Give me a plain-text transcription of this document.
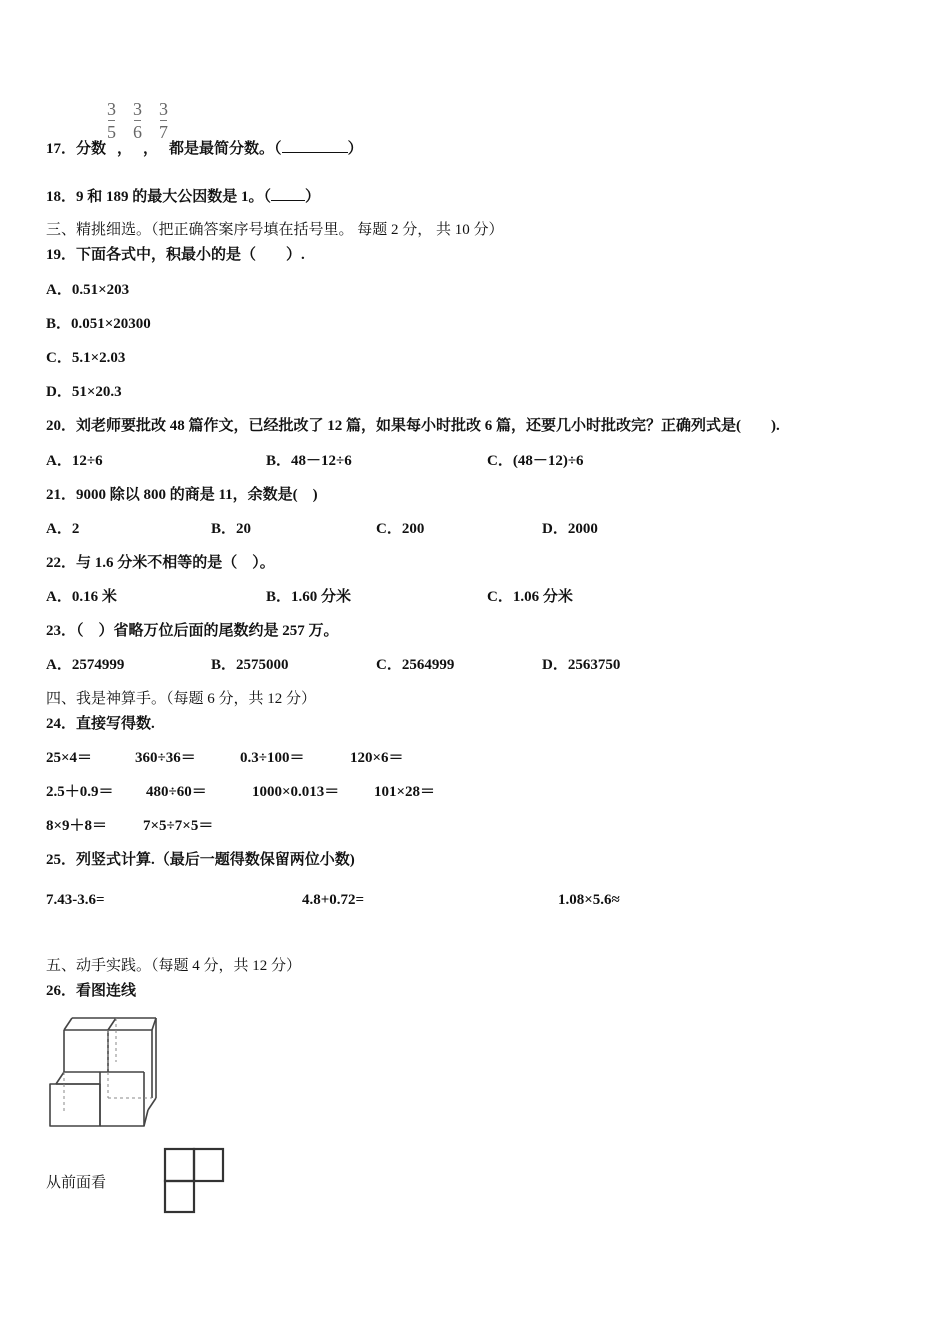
17．分数
$\frac{3}{5}$
，
$\frac{3}{6}$
，
$\frac{3}{7}$
都是最简分数。（	）
18．9 和 189 的最大公因数是 1。（ ）
三、精挑细选。（把正确答案序号填在括号里。 每题 2 分， 共 10 分）
19．下面各式中，积最小的是（　　）.
A．0.51×203
B．0.051×20300
C．5.1×2.03
D．51×20.3
20．刘老师要批改 48 篇作文，已经批改了 12 篇，如果每小时批改 6 篇，还要几小时批改完？正确列式是(　　).
A．12÷6	B．48－12÷6	C．(48－12)÷6
21．9000 除以 800 的商是 11，余数是(　)
A．2	B．20	C．200	D．2000
22．与 1.6 分米不相等的是（　）。
A．0.16 米	B．1.60 分米	C．1.06 分米
23．（　）省略万位后面的尾数约是 257 万。
A．2574999	B．2575000	C．2564999	D．2563750
四、我是神算手。（每题 6 分，共 12 分）
24．直接写得数.
25×4＝	360÷36＝	0.3÷100＝	120×6＝
2.5＋0.9＝ 480÷60＝	1000×0.013＝ 101×28＝
8×9＋8＝ 7×5÷7×5＝
25．列竖式计算.（最后一题得数保留两位小数)
7.43-3.6=	4.8+0.72=	1.08×5.6≈
五、动手实践。（每题 4 分，共 12 分）
26．看图连线
从前面看
